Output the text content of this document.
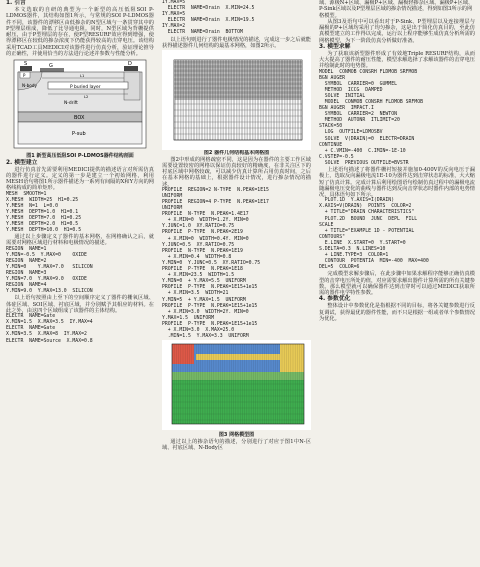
1. 引言

本文选取的自研的典型为一个新型的高压低阻SOI P-LDMOS器件，其结构如图1所示，与常规的SOI P-LDMOS器件不同，该器件的漂移区由低掺杂的N型区域与一条贯穿其中的P型埋层组成，降低了比导通电阻。同时，N型区域为背栅提供耐压，由于P型埋层的存在，使P型RESURF效应得到增强，使得漂移区在较低的掺杂浓度下仍能获得较高的击穿电压。该结构采用TCAD工具MEDICI对该器件进行仿真分析，验证理论推导的正确性，并使用恰当的方法进行论述并参数与性能分析。

S	G	D
N-body
P
P buried layer
N-drift
L1
L2
BOX
P-sub
图1 新型高压低阻SOI P-LDMOS器件结构剖面
2. 模型建立

进行仿真首先需要利用MEDICI提供的描述语言对所需仿真的器件进行定义。定义的第一步是建立一个初始网格，利用MESH语句将图1所示器件描述为一系列有间隔的X和Y方向的网格线构成的简单矩形。

MESH  SMOOTH=1
X.MESH  WIDTH=25  H1=0.25
Y.MESH  N=1  L=0.0
Y.MESH  DEPTH=1.0  H1=0.1
Y.MESH  DEPTH=7.0  H1=0.25
Y.MESH  DEPTH=2.0  H1=0.5
Y.MESH  DEPTH=10.0  H1=0.5

通过以上步骤定义了器件的基本网格，在网格确认之后，就需要对网格区域进行材料和电极情况的描述。

REGION  NAME=1
Y.MIN=-0.5  Y.MAX=0    OXIDE
REGION  NAME=2
Y.MIN=0    Y.MAX=7.0   SILICON
REGION  NAME=3
Y.MIN=7.0  Y.MAX=9.0   OXIDE
REGION  NAME=4
Y.MIN=9.0  Y.MAX=13.0  SILICON

以上语句按照由上至下的空间顺序定义了器件的栅氧区域、体硅区域、SOI区域、衬底区域，并分别赋予其相应的材料。在此之外，由这四个区域组成了该器件的主体结构。

ELECTR  NAME=Gate
X.MIN=1.5  X.MAX=3.5  IY.MAX=4
ELECTR  NAME=Gate
X.MIN=3.5  X.MAX=8  IY.MAX=2
ELECTR  NAME=Source  X.MAX=0.8
IY.MAX=5
ELECTR  NAME=Drain  X.MIN=24.5
IY.MAX=5
ELECTR  NAME=Drain  X.MIN=19.5
IY.MAX=2
ELECTR  NAME=Drain  BOTTOM

以上语句则进行了器件电极情况的描述，完成这一步之后就能获得描述器件几何结构的最基本网格，如图2所示。

图2 器件几何结构基本网格图

图2中形成的网格疏密不同，这是因为在器件的主要工作区域需要设置较密的网格以保证仿真较好的精确度，在非关注区下的衬底区域中网格较疏，可以减少仿真计算所占用仿真时间，之后在基本网格的基础上，根据器件设计情况，进行掺杂情况的描述。

PROFILE  REGION=2 N-TYPE  N.PEAK=1E15
UNIFORM
PROFILE  REGION=4 P-TYPE  N.PEAK=1E17
UNIFORM
PROFILE  N-TYPE  N.PEAK=1.4E17
+ X.MIN=0  WIDTH=1.2Y. MIN=0
Y.JUNC=1.0  XY.RATIO=0.75
PROFILE  P-TYPE  N.PEAK=2E19
+ X.MIN=0  WIDTH=0.4Y. MIN=0
Y.JUNC=0.5  XY.RATIO=0.75
PROFILE  N-TYPE  N.PEAK=1E19
+ X.MIN=0.4  WIDTH=0.8
Y.MIN=0  Y.JUNC=0.5  XY.RATIO=0.75
PROFILE  P-TYPE  N.PEAK=1E18
+ X.MIN=23.5  WIDTH=1.5
Y.MIN=0  + Y.MAX=5.5  UNIFORM
PROFILE  P-TYPE  N.PEAK=1E15+1e15
+ X.MIN=3.5  WIDTH=21
Y.MIN=5  + Y.MAX=1.5  UNIFORM
PROFILE  P-TYPE  N.PEAK=1E15+1e15
+ X.MIN=3.0  WIDTH=2Y. MIN=0
Y.MAX=1.5  UNIFORM
PROFILE  P-TYPE  N.PEAK=1E15+1e15
+ X.MIN=3.0  X.MAX=25.0
.MIN=1.5  Y.MAX=3.3  UNIFORM
图3 网格模型图

通过以上的掺杂语句的描述，分别进行了对应于图1中N-区域、衬底区域、N-Body区

域、源极N+区域、漏极P+区域、漏极轻掺杂区域、漏极P+区域、P-Sink区域以及P型埋层区域的掺杂情况描述，得到如图3所示的网格模型。

从图3及语句中可以看出对于P-Sink、P型埋层以及连接埋层与漏极的P+区域均采用了均匀掺杂，这是出于简化仿真目的，至此仿真模型建立的工作得以完成，运行以上程序能够生成仿真分析所需的网格模型，为下一阶段仿真分析做好准备。

3. 模型求解

为了获取该新型器件形成了有效地Triple RESURF结构，从而大大提高了器件的耐压性能，模型求解选择了求解该器件的击穿电压并绘制此时的电势图。

MODEL  CONMOB CONSRH FLDMOB SRFMOB
BGN AUGER
SYMBOL  CARRIER=0  GUMMEL
METHOD  ICCG  DAMPED
SOLVE  INITIAL
MODEL  CONMOB CONSRH FLDMOB SRFMOB
BGN AUGER  IMPACT.I
SYMBOL  CARRIER=2  NEWTON
METHOD  AUTONR  ITLIMIT=20
STACK=50
LOG  OUTFILE=LDMOSBV
SOLVE  V(DRAIN)=0  ELECTR=DRAIN
CONTINUE
+ C.VMIN=-400  C.IMIN=-1E-10
C.VSTEP=-0.5
SOLVE  PREVIOUS OUTFILE=BVSTR

上述语句描述了将器件栅衬短接并施加0-400V的反向电压于漏极上，选取反向漏极电流1E-10为器件达到击穿状态的标准，大大缩短了仿真计算。完成计算后利用绘图语句绘制仿真过程中的漏极电流随漏极电压变化的曲线与器件达到反向击穿状态时器件内部的电势情况，具体语句如下所示。

PLOT.1D  Y.AXIS=I(DRAIN)
X.AXIS=V(DRAIN)  POINTS  COLOR=2
+ TITLE="DRAIN CHARACTERISTICS"
PLOT.2D  BOUND  JUNC  DEPL  FILL
SCALE
+ TITLE="EXAMPLE 1D - POTENTIAL
CONTOURS"
E.LINE  X.START=0  Y.START=0
S.DELTA=0.3  N.LINES=10
+ LINE.TYPE=3  COLOR=1
CONTOUR  POTENTIA  MIN=-400  MAX=400
DEL=5  COLOR=6

完成模型求解步骤后，在此步骤中如果求解程序能够正确仿真模型的击穿电压所处的值，对应需要求解出器件计算所需的所有关键参数。那么模型就可以确保器件达到击穿时可以通过MEDICI获取所需的器件电学特性参数。

4. 参数优化

整体设计中参数优化是指根据不同的目标，将各关键参数进行反复调试，获得最优的器件性能，而不只是根据一组或者单个参数情况为优化。
